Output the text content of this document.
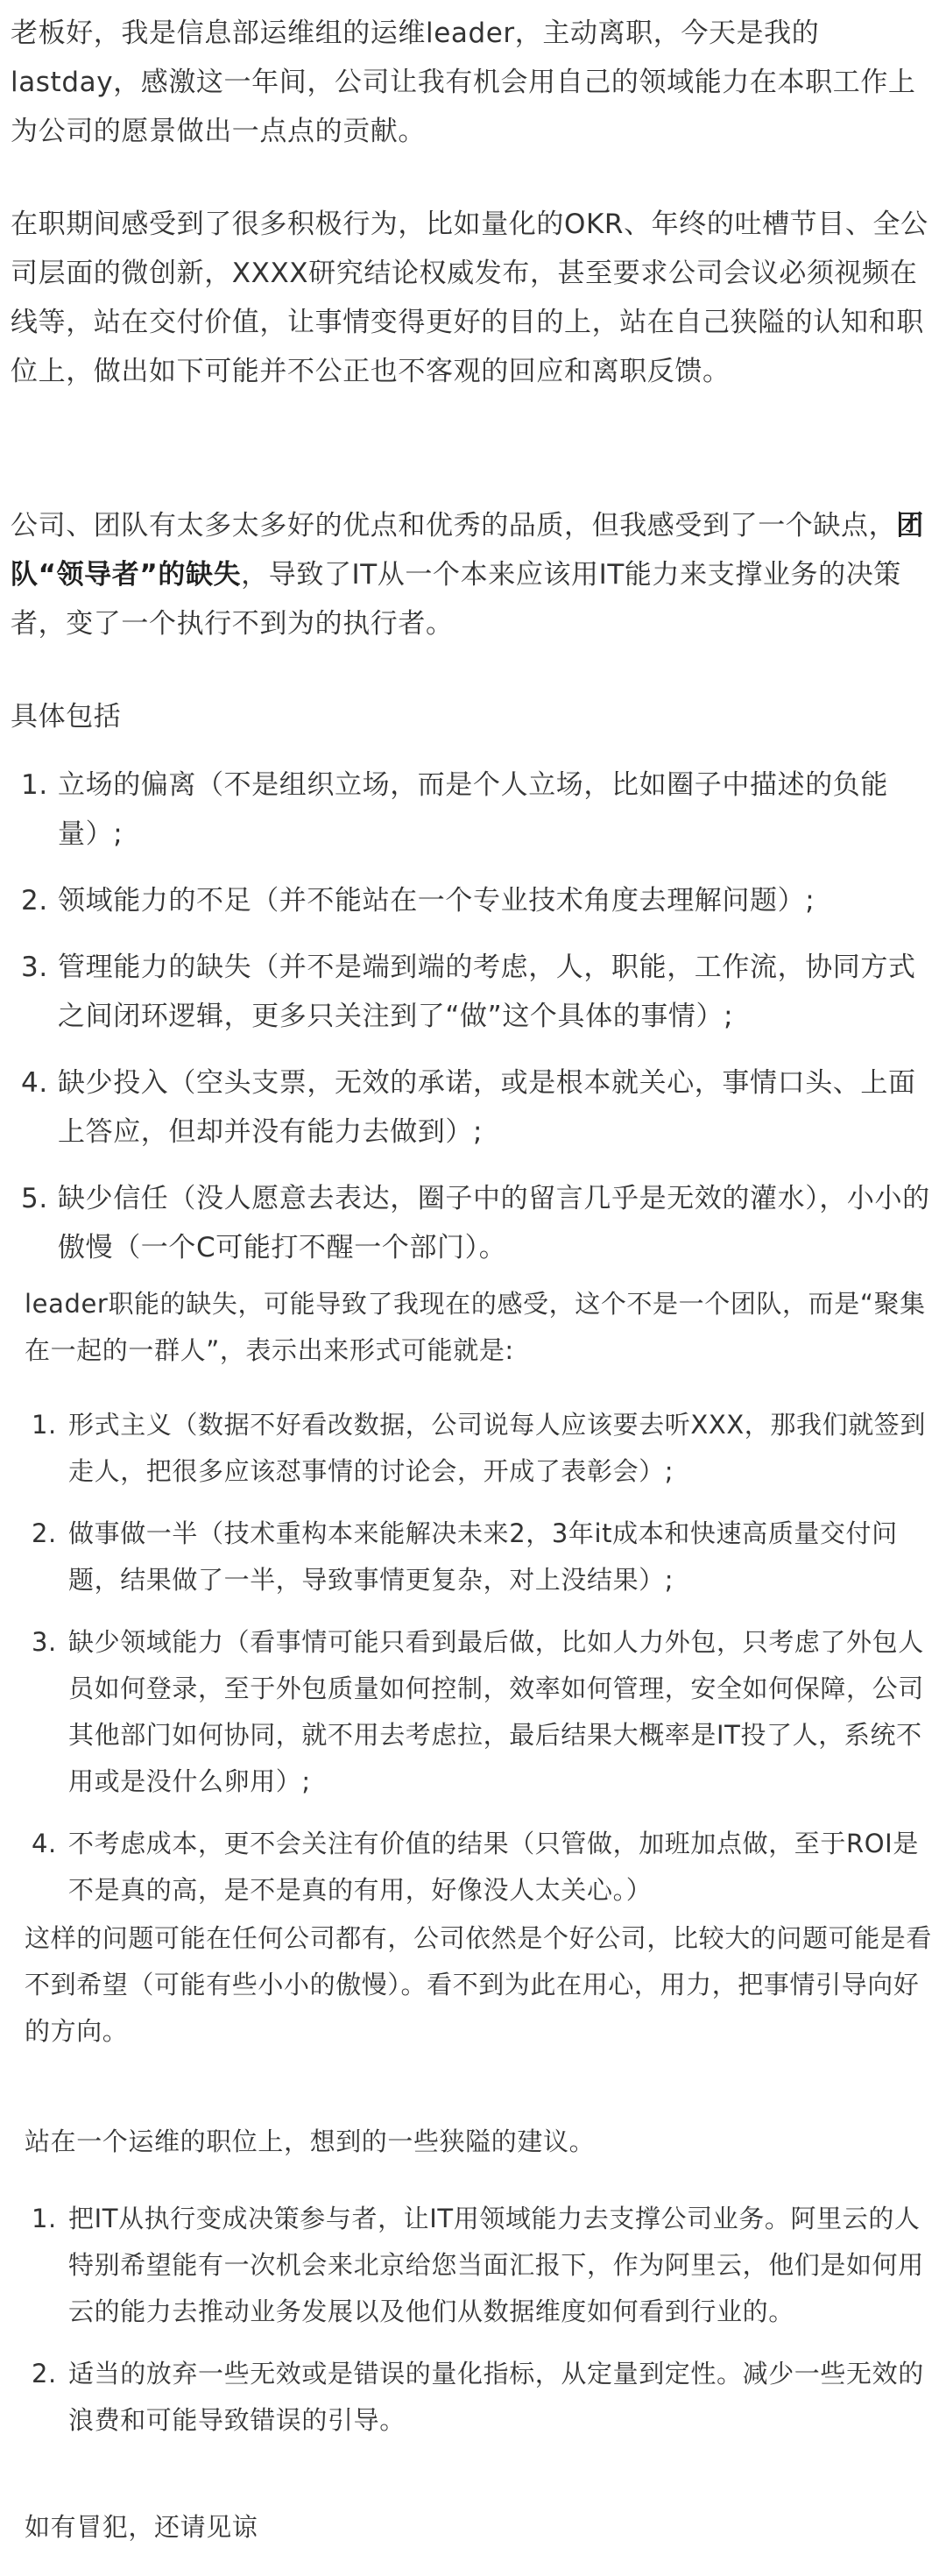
老板好，我是信息部运维组的运维leader，主动离职，今天是我的lastday，感激这一年间，公司让我有机会用自己的领域能力在本职工作上为公司的愿景做出一点点的贡献。

在职期间感受到了很多积极行为，比如量化的OKR、年终的吐槽节目、全公司层面的微创新，XXXX研究结论权威发布，甚至要求公司会议必须视频在线等，站在交付价值，让事情变得更好的目的上，站在自己狭隘的认知和职位上，做出如下可能并不公正也不客观的回应和离职反馈。

公司、团队有太多太多好的优点和优秀的品质，但我感受到了一个缺点，团队“领导者”的缺失，导致了IT从一个本来应该用IT能力来支撑业务的决策者，变了一个执行不到为的执行者。

具体包括

1. 立场的偏离（不是组织立场，而是个人立场，比如圈子中描述的负能量）;
2. 领域能力的不足（并不能站在一个专业技术角度去理解问题）;
3. 管理能力的缺失（并不是端到端的考虑，人，职能，工作流，协同方式之间闭环逻辑，更多只关注到了“做”这个具体的事情）;
4. 缺少投入（空头支票，无效的承诺，或是根本就关心，事情口头、上面上答应，但却并没有能力去做到）;
5. 缺少信任（没人愿意去表达，圈子中的留言几乎是无效的灌水），小小的傲慢（一个C可能打不醒一个部门）。

leader职能的缺失，可能导致了我现在的感受，这个不是一个团队，而是“聚集在一起的一群人”，表示出来形式可能就是:

1. 形式主义（数据不好看改数据，公司说每人应该要去听XXX，那我们就签到走人，把很多应该怼事情的讨论会，开成了表彰会）;
2. 做事做一半（技术重构本来能解决未来2，3年it成本和快速高质量交付问题，结果做了一半，导致事情更复杂，对上没结果）;
3. 缺少领域能力（看事情可能只看到最后做，比如人力外包，只考虑了外包人员如何登录，至于外包质量如何控制，效率如何管理，安全如何保障，公司其他部门如何协同，就不用去考虑拉，最后结果大概率是IT投了人，系统不用或是没什么卵用）;
4. 不考虑成本，更不会关注有价值的结果（只管做，加班加点做，至于ROI是不是真的高，是不是真的有用，好像没人太关心。）

这样的问题可能在任何公司都有，公司依然是个好公司，比较大的问题可能是看不到希望（可能有些小小的傲慢）。看不到为此在用心，用力，把事情引导向好的方向。

站在一个运维的职位上，想到的一些狭隘的建议。

1. 把IT从执行变成决策参与者，让IT用领域能力去支撑公司业务。阿里云的人特别希望能有一次机会来北京给您当面汇报下，作为阿里云，他们是如何用云的能力去推动业务发展以及他们从数据维度如何看到行业的。
2. 适当的放弃一些无效或是错误的量化指标，从定量到定性。减少一些无效的浪费和可能导致错误的引导。

如有冒犯，还请见谅
